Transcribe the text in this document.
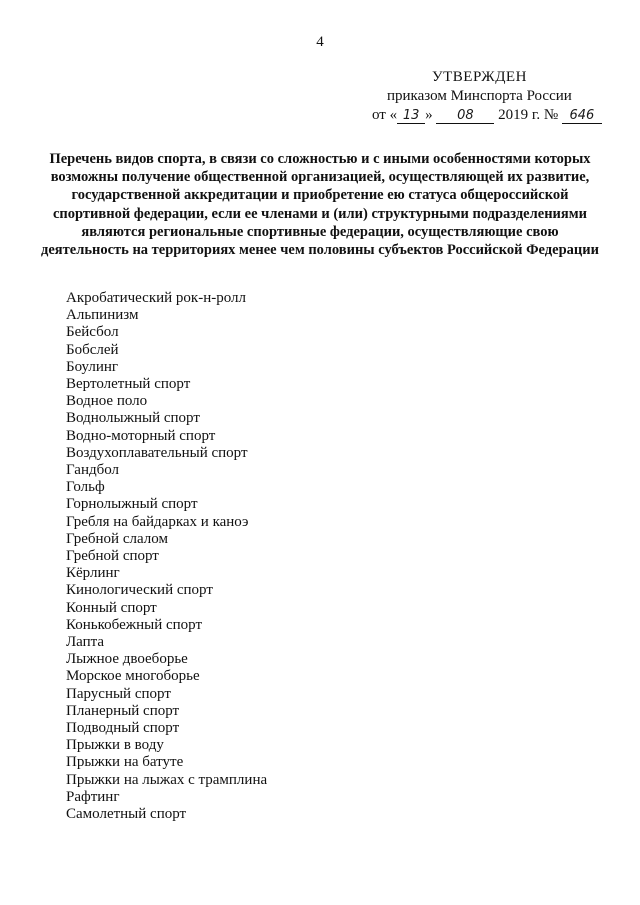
4
УТВЕРЖДЕН
приказом Минспорта России
от « 13 » 08 2019 г. № 646
Перечень видов спорта, в связи со сложностью и с иными особенностями которых возможны получение общественной организацией, осуществляющей их развитие, государственной аккредитации и приобретение ею статуса общероссийской спортивной федерации, если ее членами и (или) структурными подразделениями являются региональные спортивные федерации, осуществляющие свою деятельность на территориях менее чем половины субъектов Российской Федерации
Акробатический рок-н-ролл
Альпинизм
Бейсбол
Бобслей
Боулинг
Вертолетный спорт
Водное поло
Воднолыжный спорт
Водно-моторный спорт
Воздухоплавательный спорт
Гандбол
Гольф
Горнолыжный спорт
Гребля на байдарках и каноэ
Гребной слалом
Гребной спорт
Кёрлинг
Кинологический спорт
Конный спорт
Конькобежный спорт
Лапта
Лыжное двоеборье
Морское многоборье
Парусный спорт
Планерный спорт
Подводный спорт
Прыжки в воду
Прыжки на батуте
Прыжки на лыжах с трамплина
Рафтинг
Самолетный спорт
